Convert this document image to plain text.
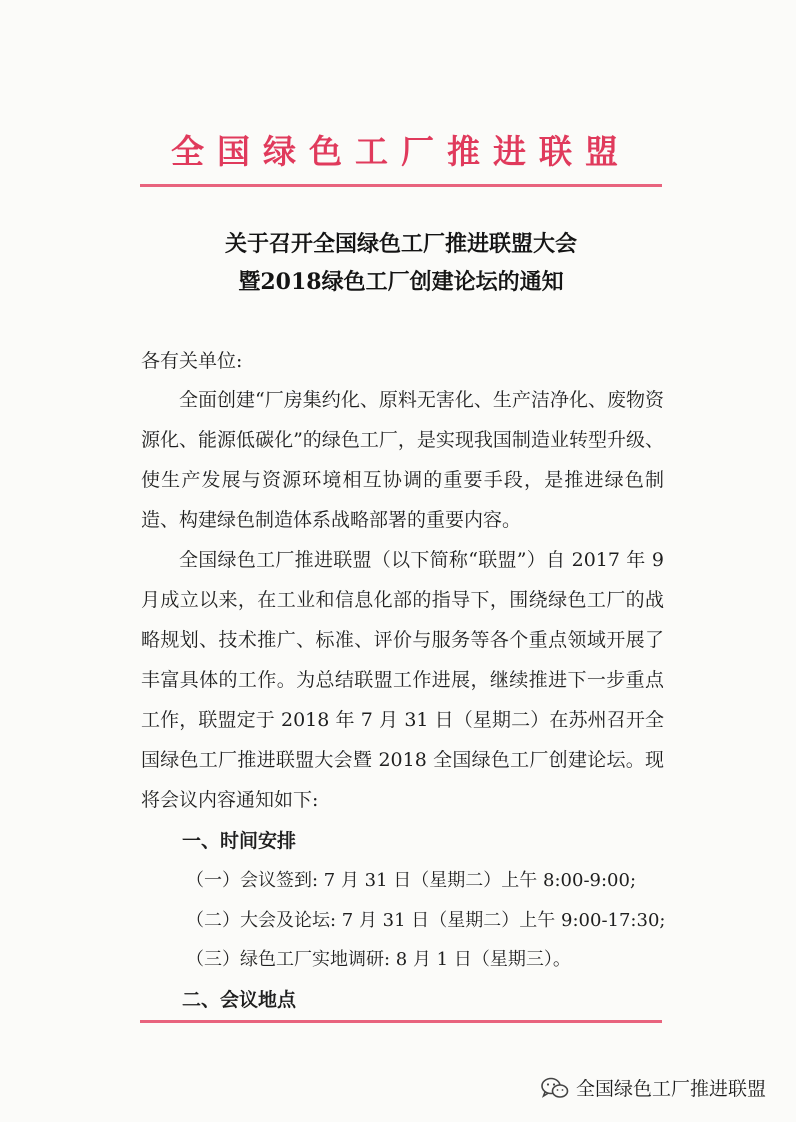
全国绿色工厂推进联盟
关于召开全国绿色工厂推进联盟大会
暨2018绿色工厂创建论坛的通知
各有关单位:
全面创建“厂房集约化、原料无害化、生产洁净化、废物资源化、能源低碳化”的绿色工厂，是实现我国制造业转型升级、使生产发展与资源环境相互协调的重要手段，是推进绿色制造、构建绿色制造体系战略部署的重要内容。
全国绿色工厂推进联盟（以下简称“联盟”）自 2017 年 9 月成立以来，在工业和信息化部的指导下，围绕绿色工厂的战略规划、技术推广、标准、评价与服务等各个重点领域开展了丰富具体的工作。为总结联盟工作进展，继续推进下一步重点工作，联盟定于 2018 年 7 月 31 日（星期二）在苏州召开全国绿色工厂推进联盟大会暨 2018 全国绿色工厂创建论坛。现将会议内容通知如下:
一、时间安排
（一）会议签到: 7 月 31 日（星期二）上午 8:00-9:00;
（二）大会及论坛: 7 月 31 日（星期二）上午 9:00-17:30;
（三）绿色工厂实地调研: 8 月 1 日（星期三）。
二、会议地点
全国绿色工厂推进联盟
